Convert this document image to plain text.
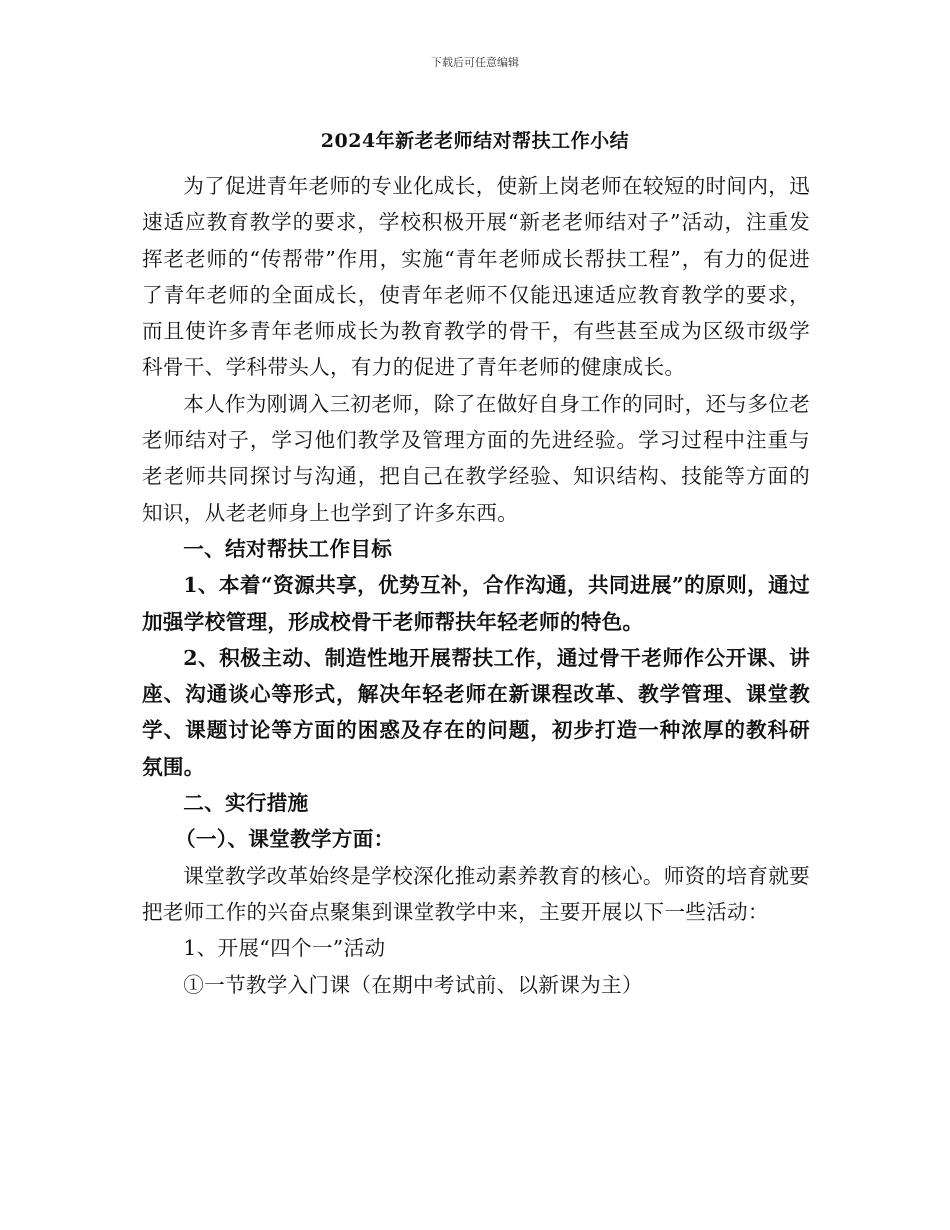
下载后可任意编辑
2024年新老老师结对帮扶工作小结

为了促进青年老师的专业化成长，使新上岗老师在较短的时间内，迅速适应教育教学的要求，学校积极开展“新老老师结对子”活动，注重发挥老老师的“传帮带”作用，实施“青年老师成长帮扶工程”，有力的促进了青年老师的全面成长，使青年老师不仅能迅速适应教育教学的要求，而且使许多青年老师成长为教育教学的骨干，有些甚至成为区级市级学科骨干、学科带头人，有力的促进了青年老师的健康成长。

本人作为刚调入三初老师，除了在做好自身工作的同时，还与多位老老师结对子，学习他们教学及管理方面的先进经验。学习过程中注重与老老师共同探讨与沟通，把自己在教学经验、知识结构、技能等方面的知识，从老老师身上也学到了许多东西。

一、结对帮扶工作目标

1、本着“资源共享，优势互补，合作沟通，共同进展”的原则，通过加强学校管理，形成校骨干老师帮扶年轻老师的特色。

2、积极主动、制造性地开展帮扶工作，通过骨干老师作公开课、讲座、沟通谈心等形式，解决年轻老师在新课程改革、教学管理、课堂教学、课题讨论等方面的困惑及存在的问题，初步打造一种浓厚的教科研氛围。

二、实行措施

（一）、课堂教学方面：

课堂教学改革始终是学校深化推动素养教育的核心。师资的培育就要把老师工作的兴奋点聚集到课堂教学中来，主要开展以下一些活动：

1、开展“四个一”活动

①一节教学入门课（在期中考试前、以新课为主）
